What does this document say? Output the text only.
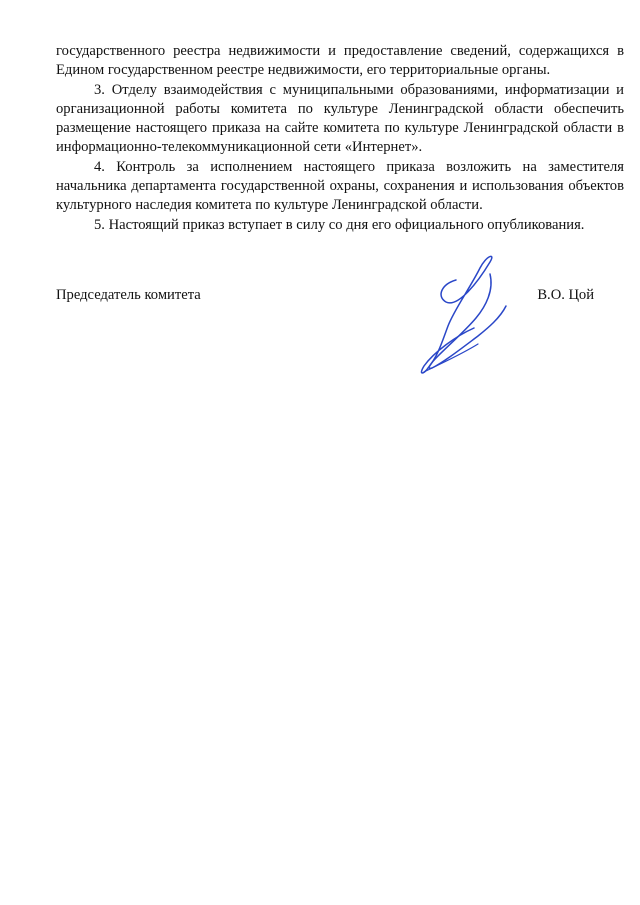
государственного реестра недвижимости и предоставление сведений, содержащихся в Едином государственном реестре недвижимости, его территориальные органы.

3. Отделу взаимодействия с муниципальными образованиями, информатизации и организационной работы комитета по культуре Ленинградской области обеспечить размещение настоящего приказа на сайте комитета по культуре Ленинградской области в информационно-телекоммуникационной сети «Интернет».

4. Контроль за исполнением настоящего приказа возложить на заместителя начальника департамента государственной охраны, сохранения и использования объектов культурного наследия комитета по культуре Ленинградской области.

5. Настоящий приказ вступает в силу со дня его официального опубликования.

Председатель комитета	В.О. Цой
